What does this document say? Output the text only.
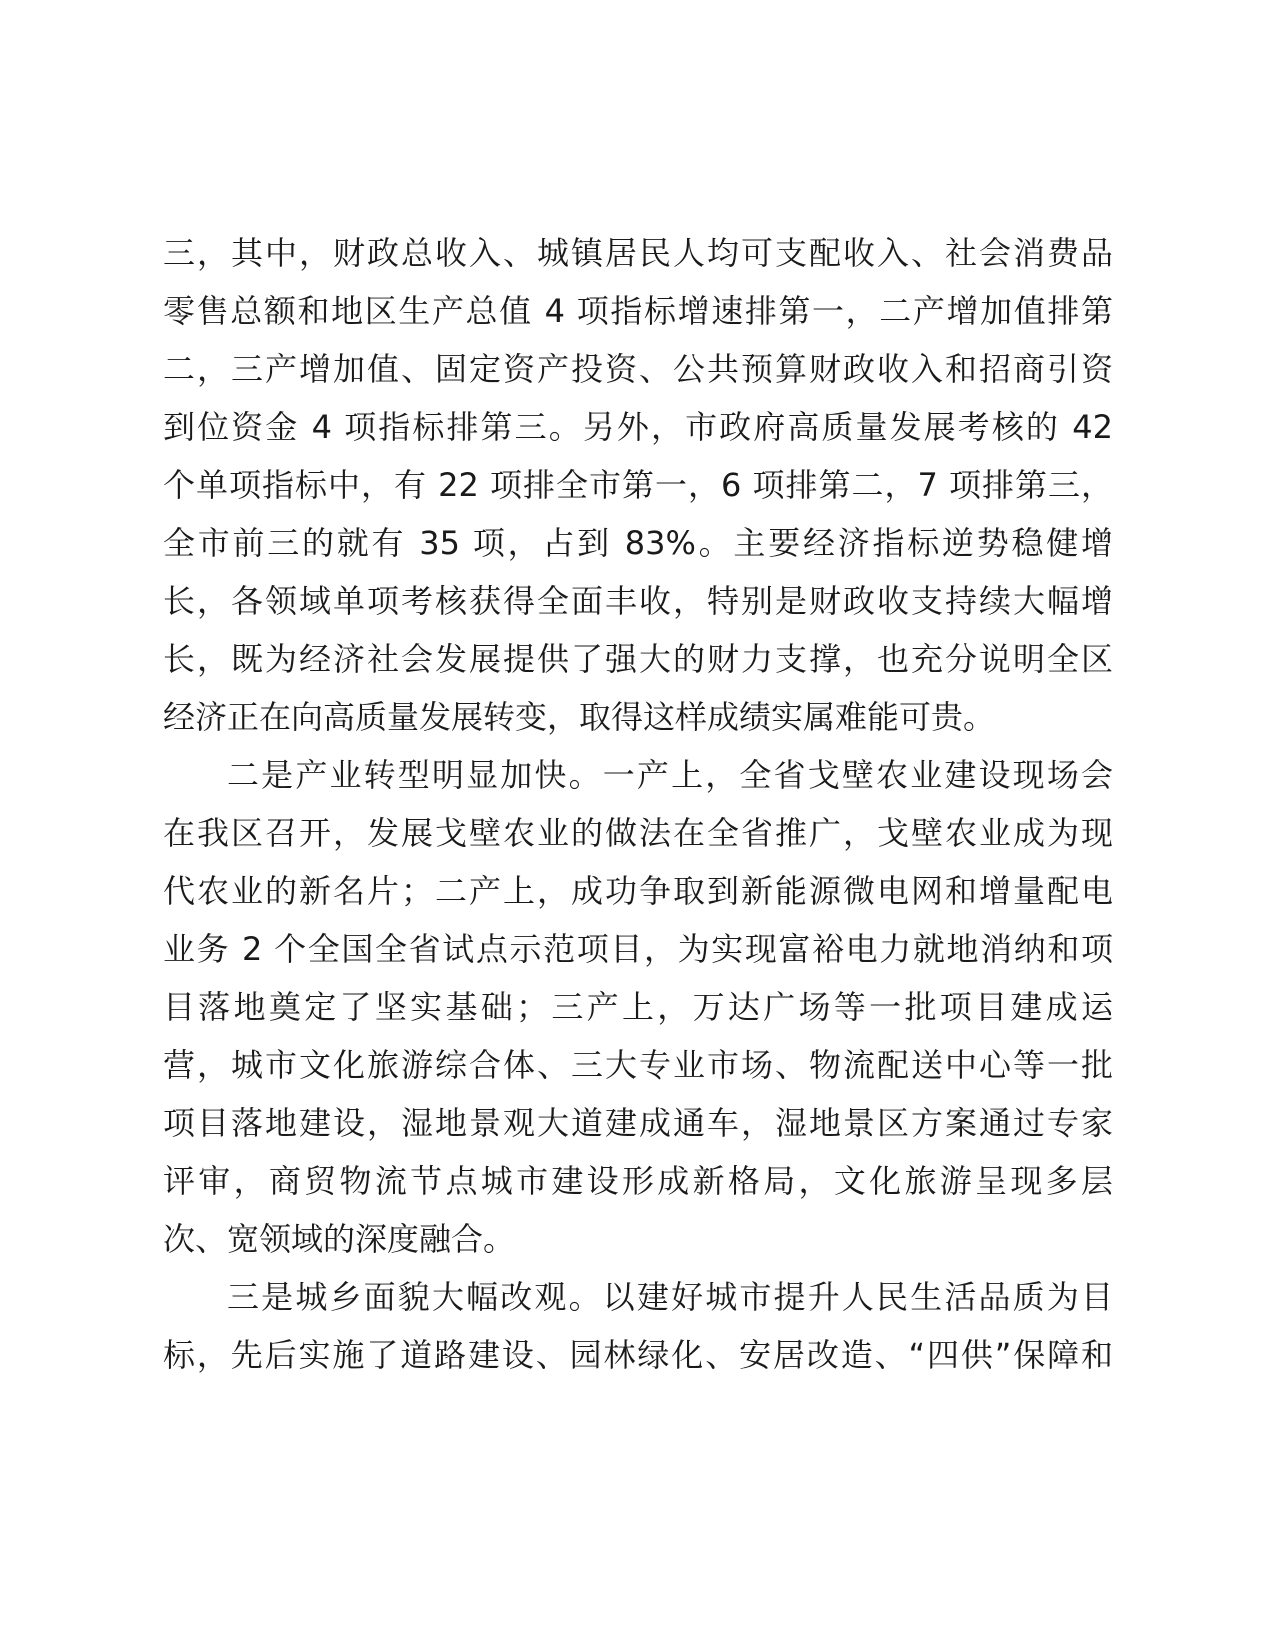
三，其中，财政总收入、城镇居民人均可支配收入、社会消费品
零售总额和地区生产总值 4 项指标增速排第一，二产增加值排第
二，三产增加值、固定资产投资、公共预算财政收入和招商引资
到位资金 4 项指标排第三。另外，市政府高质量发展考核的 42
个单项指标中，有 22 项排全市第一，6 项排第二，7 项排第三，
全市前三的就有 35 项，占到 83%。主要经济指标逆势稳健增
长，各领域单项考核获得全面丰收，特别是财政收支持续大幅增
长，既为经济社会发展提供了强大的财力支撑，也充分说明全区
经济正在向高质量发展转变，取得这样成绩实属难能可贵。
二是产业转型明显加快。一产上，全省戈壁农业建设现场会
在我区召开，发展戈壁农业的做法在全省推广，戈壁农业成为现
代农业的新名片；二产上，成功争取到新能源微电网和增量配电
业务 2 个全国全省试点示范项目，为实现富裕电力就地消纳和项
目落地奠定了坚实基础；三产上，万达广场等一批项目建成运
营，城市文化旅游综合体、三大专业市场、物流配送中心等一批
项目落地建设，湿地景观大道建成通车，湿地景区方案通过专家
评审，商贸物流节点城市建设形成新格局，文化旅游呈现多层
次、宽领域的深度融合。
三是城乡面貌大幅改观。以建好城市提升人民生活品质为目
标，先后实施了道路建设、园林绿化、安居改造、“四供”保障和
